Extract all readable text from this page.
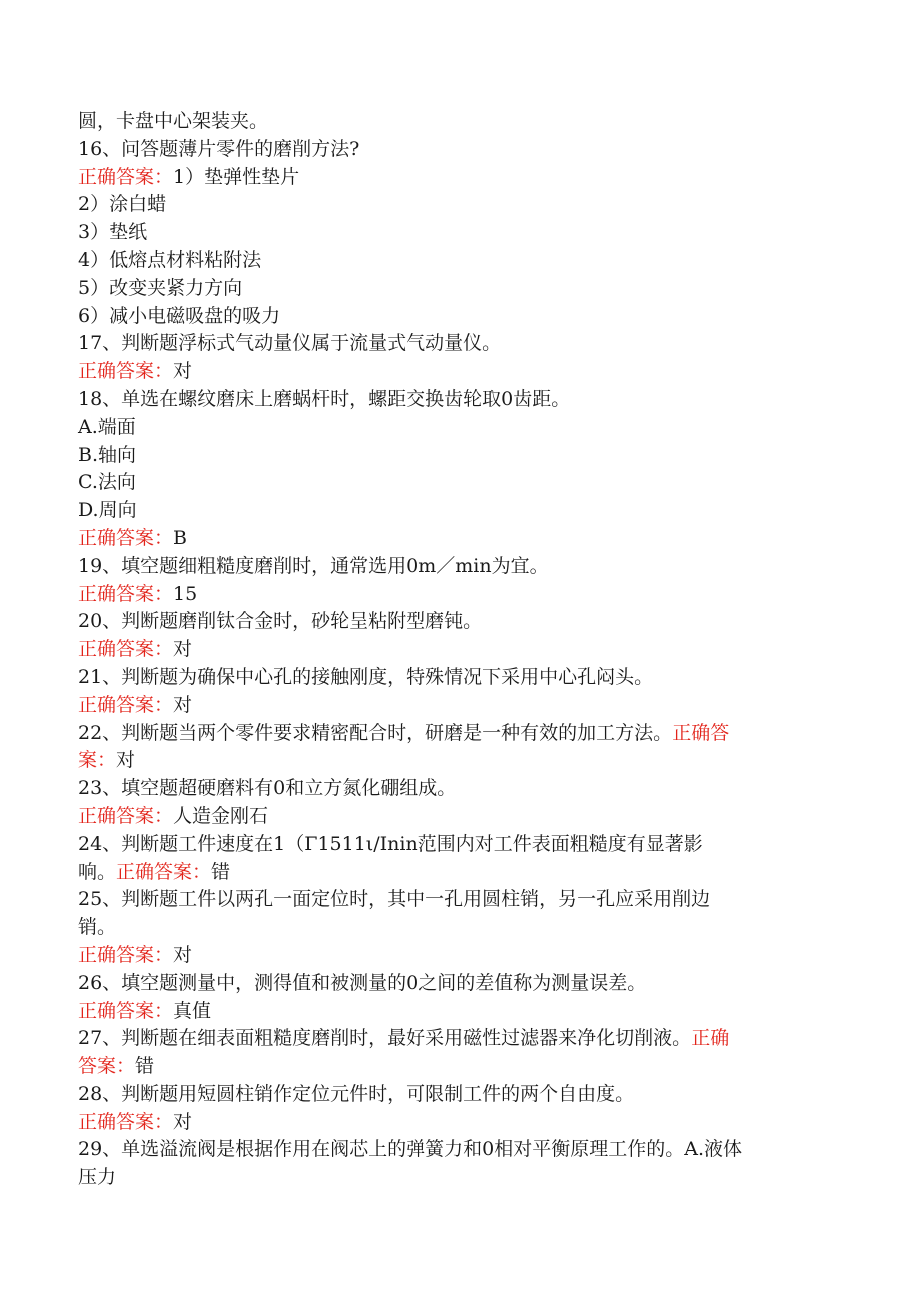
圆，卡盘中心架装夹。

16、问答题薄片零件的磨削方法?

正确答案：1）垫弹性垫片

2）涂白蜡

3）垫纸

4）低熔点材料粘附法

5）改变夹紧力方向

6）减小电磁吸盘的吸力

17、判断题浮标式气动量仪属于流量式气动量仪。

正确答案：对

18、单选在螺纹磨床上磨蜗杆时，螺距交换齿轮取0齿距。

A.端面

B.轴向

C.法向

D.周向

正确答案：B

19、填空题细粗糙度磨削时，通常选用0m／min为宜。

正确答案：15

20、判断题磨削钛合金时，砂轮呈粘附型磨钝。

正确答案：对

21、判断题为确保中心孔的接触刚度，特殊情况下采用中心孔闷头。

正确答案：对

22、判断题当两个零件要求精密配合时，研磨是一种有效的加工方法。正确答

案：对

23、填空题超硬磨料有0和立方氮化硼组成。

正确答案：人造金刚石

24、判断题工件速度在1（Γ1511ι/Inin范围内对工件表面粗糙度有显著影

响。正确答案：错

25、判断题工件以两孔一面定位时，其中一孔用圆柱销，另一孔应采用削边

销。

正确答案：对

26、填空题测量中，测得值和被测量的0之间的差值称为测量误差。

正确答案：真值

27、判断题在细表面粗糙度磨削时，最好采用磁性过滤器来净化切削液。正确

答案：错

28、判断题用短圆柱销作定位元件时，可限制工件的两个自由度。

正确答案：对

29、单选溢流阀是根据作用在阀芯上的弹簧力和0相对平衡原理工作的。A.液体

压力
